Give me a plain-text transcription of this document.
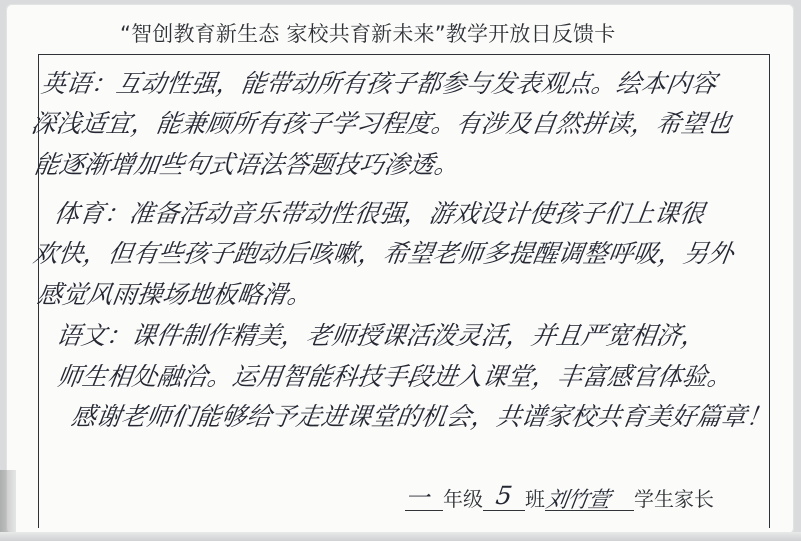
“智创教育新生态 家校共育新未来”教学开放日反馈卡
英语：互动性强，能带动所有孩子都参与发表观点。绘本内容
深浅适宜，能兼顾所有孩子学习程度。有涉及自然拼读，希望也
能逐渐增加些句式语法答题技巧渗透。
体育：准备活动音乐带动性很强，游戏设计使孩子们上课很
欢快，但有些孩子跑动后咳嗽，希望老师多提醒调整呼吸，另外
感觉风雨操场地板略滑。
语文：课件制作精美，老师授课活泼灵活，并且严宽相济，
师生相处融洽。运用智能科技手段进入课堂，丰富感官体验。
感谢老师们能够给予走进课堂的机会，共谱家校共育美好篇章！
一 年级 5 班刘竹萱 学生家长
